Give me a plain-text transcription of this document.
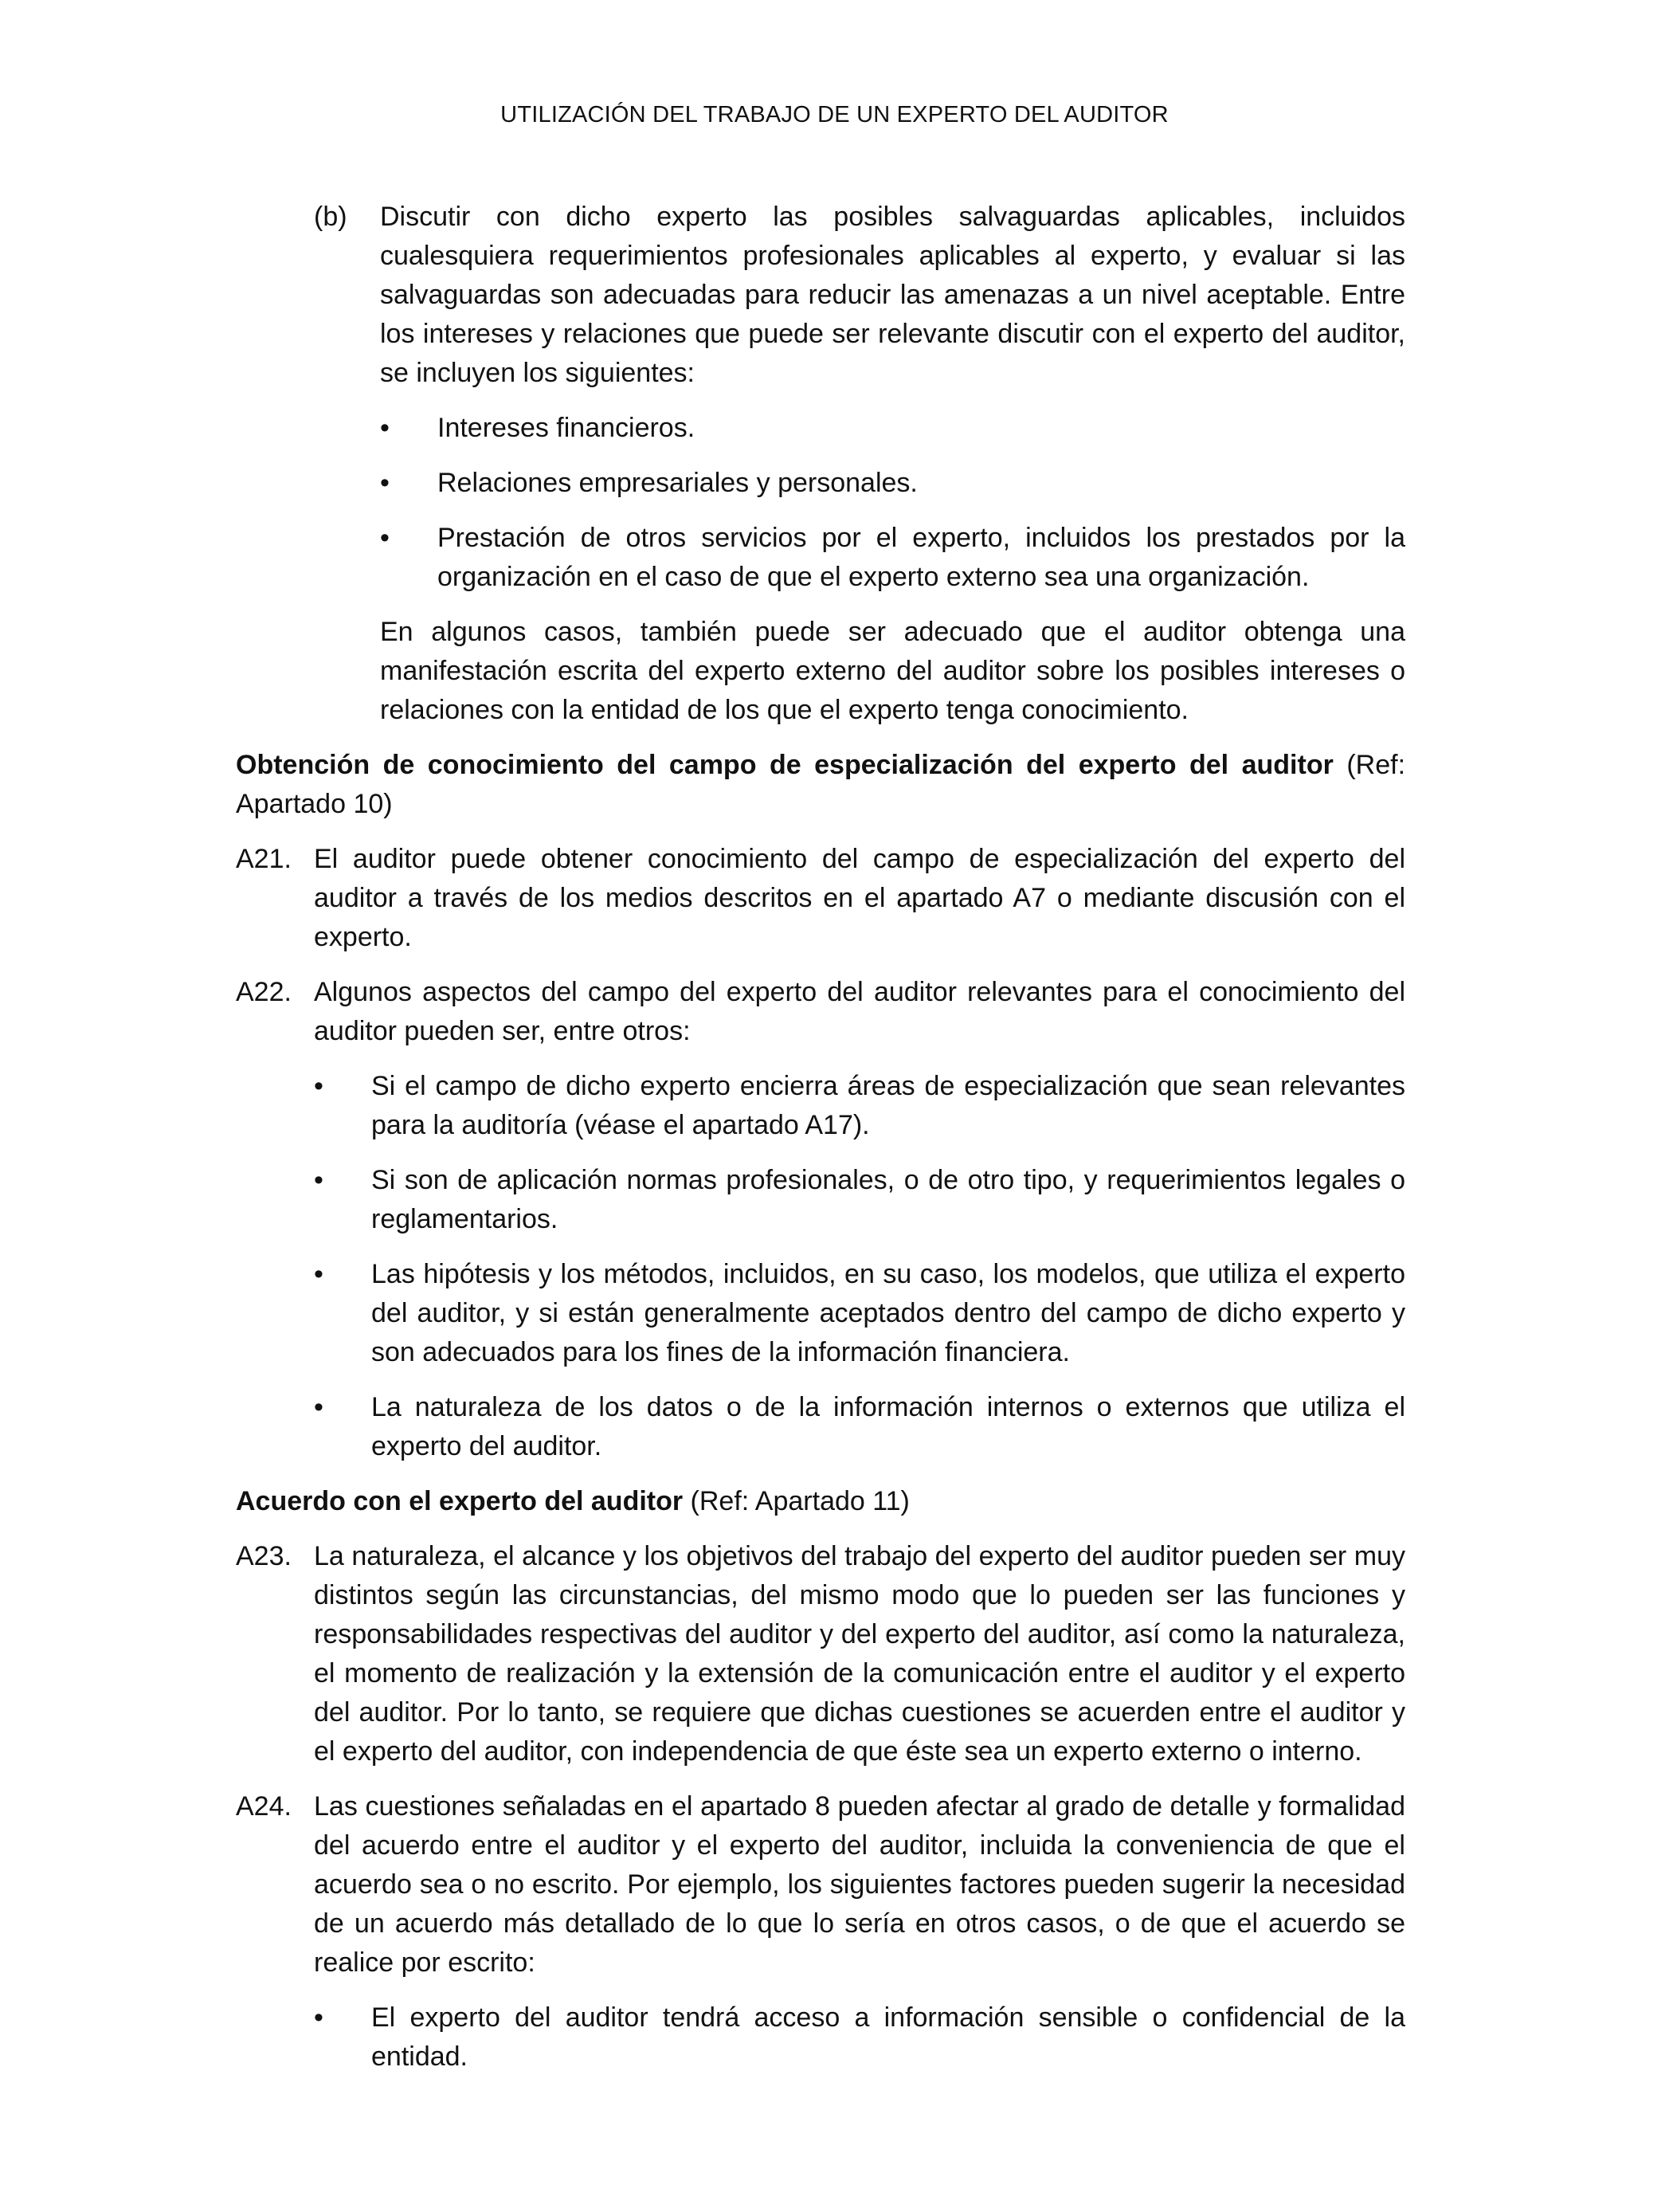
UTILIZACIÓN DEL TRABAJO DE UN EXPERTO DEL AUDITOR
(b)	Discutir con dicho experto las posibles salvaguardas aplicables, incluidos cualesquiera requerimientos profesionales aplicables al experto, y evaluar si las salvaguardas son adecuadas para reducir las amenazas a un nivel aceptable. Entre los intereses y relaciones que puede ser relevante discutir con el experto del auditor, se incluyen los siguientes:
•	Intereses financieros.
•	Relaciones empresariales y personales.
•	Prestación de otros servicios por el experto, incluidos los prestados por la organización en el caso de que el experto externo sea una organización.

En algunos casos, también puede ser adecuado que el auditor obtenga una manifestación escrita del experto externo del auditor sobre los posibles intereses o relaciones con la entidad de los que el experto tenga conocimiento.

Obtención de conocimiento del campo de especialización del experto del auditor (Ref: Apartado 10)

A21. El auditor puede obtener conocimiento del campo de especialización del experto del auditor a través de los medios descritos en el apartado A7 o mediante discusión con el experto.
A22. Algunos aspectos del campo del experto del auditor relevantes para el conocimiento del auditor pueden ser, entre otros:
•	Si el campo de dicho experto encierra áreas de especialización que sean relevantes para la auditoría (véase el apartado A17).
•	Si son de aplicación normas profesionales, o de otro tipo, y requerimientos legales o reglamentarios.
•	Las hipótesis y los métodos, incluidos, en su caso, los modelos, que utiliza el experto del auditor, y si están generalmente aceptados dentro del campo de dicho experto y son adecuados para los fines de la información financiera.
•	La naturaleza de los datos o de la información internos o externos que utiliza el experto del auditor.

Acuerdo con el experto del auditor (Ref: Apartado 11)

A23. La naturaleza, el alcance y los objetivos del trabajo del experto del auditor pueden ser muy distintos según las circunstancias, del mismo modo que lo pueden ser las funciones y responsabilidades respectivas del auditor y del experto del auditor, así como la naturaleza, el momento de realización y la extensión de la comunicación entre el auditor y el experto del auditor. Por lo tanto, se requiere que dichas cuestiones se acuerden entre el auditor y el experto del auditor, con independencia de que éste sea un experto externo o interno.
A24. Las cuestiones señaladas en el apartado 8 pueden afectar al grado de detalle y formalidad del acuerdo entre el auditor y el experto del auditor, incluida la conveniencia de que el acuerdo sea o no escrito. Por ejemplo, los siguientes factores pueden sugerir la necesidad de un acuerdo más detallado de lo que lo sería en otros casos, o de que el acuerdo se realice por escrito:
•	El experto del auditor tendrá acceso a información sensible o confidencial de la entidad.
